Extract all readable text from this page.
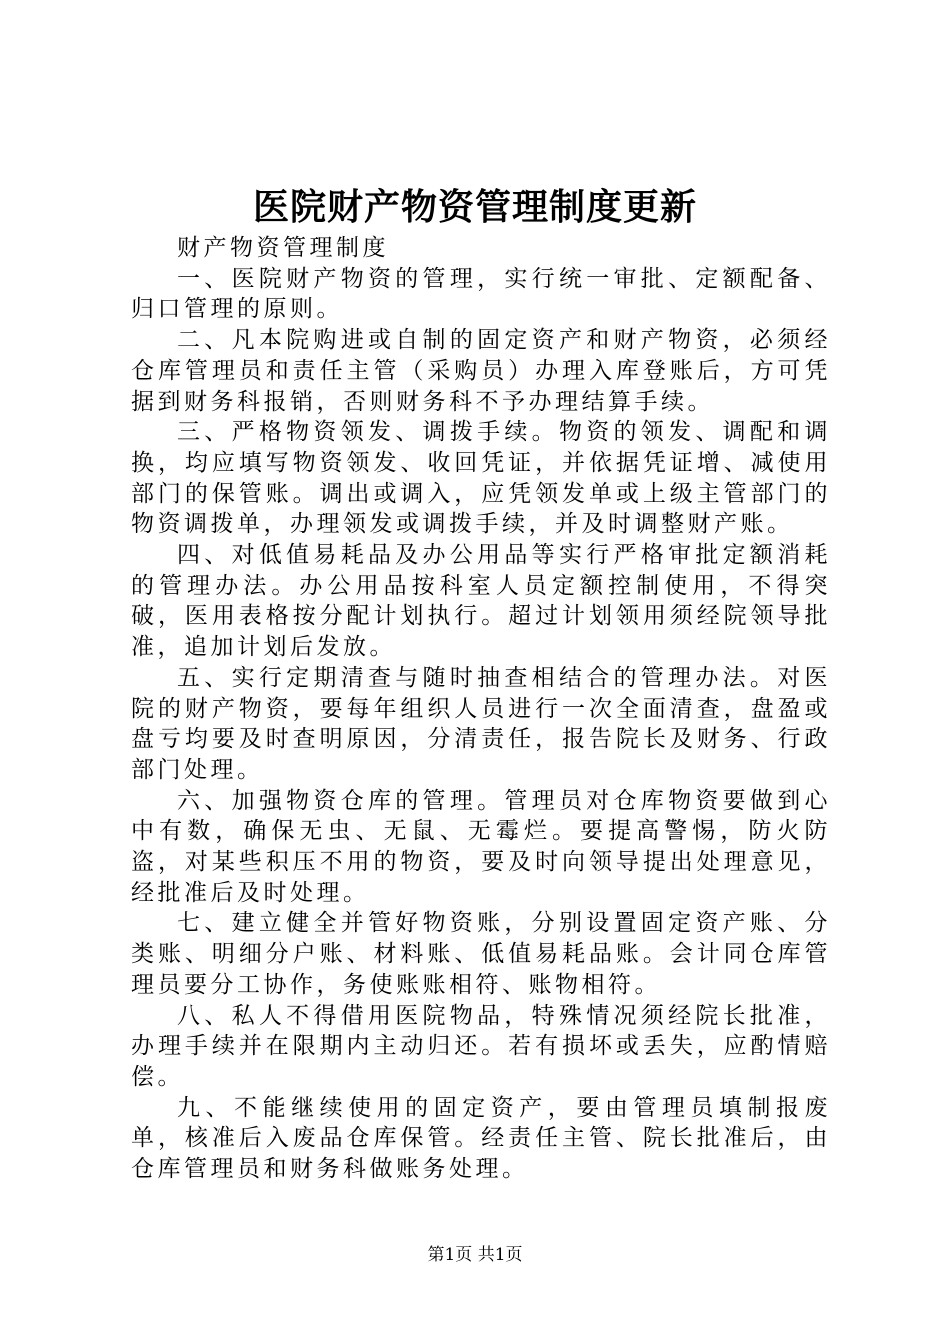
医院财产物资管理制度更新

财产物资管理制度

一、医院财产物资的管理，实行统一审批、定额配备、归口管理的原则。

二、凡本院购进或自制的固定资产和财产物资，必须经仓库管理员和责任主管（采购员）办理入库登账后，方可凭据到财务科报销，否则财务科不予办理结算手续。

三、严格物资领发、调拨手续。物资的领发、调配和调换，均应填写物资领发、收回凭证，并依据凭证增、减使用部门的保管账。调出或调入，应凭领发单或上级主管部门的物资调拨单，办理领发或调拨手续，并及时调整财产账。

四、对低值易耗品及办公用品等实行严格审批定额消耗的管理办法。办公用品按科室人员定额控制使用，不得突破，医用表格按分配计划执行。超过计划领用须经院领导批准，追加计划后发放。

五、实行定期清查与随时抽查相结合的管理办法。对医院的财产物资，要每年组织人员进行一次全面清查，盘盈或盘亏均要及时查明原因，分清责任，报告院长及财务、行政部门处理。

六、加强物资仓库的管理。管理员对仓库物资要做到心中有数，确保无虫、无鼠、无霉烂。要提高警惕，防火防盗，对某些积压不用的物资，要及时向领导提出处理意见，经批准后及时处理。

七、建立健全并管好物资账，分别设置固定资产账、分类账、明细分户账、材料账、低值易耗品账。会计同仓库管理员要分工协作，务使账账相符、账物相符。

八、私人不得借用医院物品，特殊情况须经院长批准，办理手续并在限期内主动归还。若有损坏或丢失，应酌情赔偿。

九、不能继续使用的固定资产，要由管理员填制报废单，核准后入废品仓库保管。经责任主管、院长批准后，由仓库管理员和财务科做账务处理。

第1页 共1页
